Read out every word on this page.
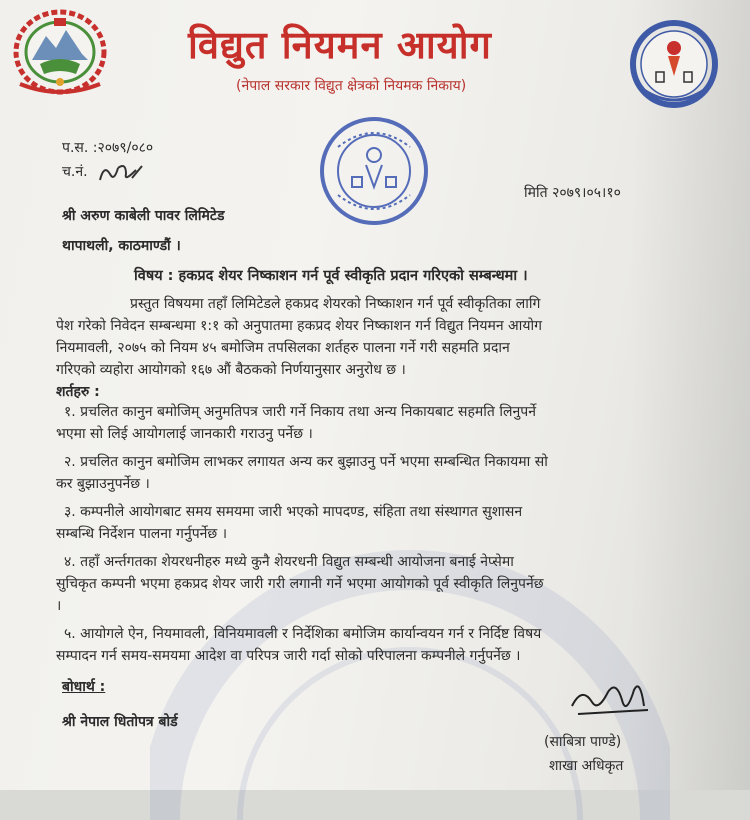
विद्युत नियमन आयोग
(नेपाल सरकार विद्युत क्षेत्रको नियमक निकाय)
प.स. :२०७९/०८०
च.नं.
मिति २०७९।०५।१०
श्री अरुण काबेली पावर लिमिटेड
थापाथली, काठमाण्डौं ।
विषय : हकप्रद शेयर निष्काशन गर्न पूर्व स्वीकृति प्रदान गरिएको सम्बन्धमा ।
प्रस्तुत विषयमा तहाँ लिमिटेडले हकप्रद शेयरको निष्काशन गर्न पूर्व स्वीकृतिका लागि
पेश गरेको निवेदन सम्बन्धमा १:१ को अनुपातमा हकप्रद शेयर निष्काशन गर्न विद्युत नियमन आयोग
नियमावली, २०७५ को नियम ४५ बमोजिम तपसिलका शर्तहरु पालना गर्ने गरी सहमति प्रदान
गरिएको व्यहोरा आयोगको १६७ औं बैठकको निर्णयानुसार अनुरोध छ ।
शर्तहरु :
१. प्रचलित कानुन बमोजिम् अनुमतिपत्र जारी गर्ने निकाय तथा अन्य निकायबाट सहमति लिनुपर्ने
भएमा सो लिई आयोगलाई जानकारी गराउनु पर्नेछ ।
२. प्रचलित कानुन बमोजिम लाभकर लगायत अन्य कर बुझाउनु पर्ने भएमा सम्बन्धित निकायमा सो
कर बुझाउनुपर्नेछ ।
३. कम्पनीले आयोगबाट समय समयमा जारी भएको मापदण्ड, संहिता तथा संस्थागत सुशासन
सम्बन्धि निर्देशन पालना गर्नुपर्नेछ ।
४. तहाँ अर्न्तगतका शेयरधनीहरु मध्ये कुनै शेयरधनी विद्युत सम्बन्धी आयोजना बनाई नेप्सेमा
सुचिकृत कम्पनी भएमा हकप्रद शेयर जारी गरी लगानी गर्ने भएमा आयोगको पूर्व स्वीकृति लिनुपर्नेछ
।
५. आयोगले ऐन, नियमावली, विनियमावली र निर्देशिका बमोजिम कार्यान्वयन गर्न र निर्दिष्ट विषय
सम्पादन गर्न समय-समयमा आदेश वा परिपत्र जारी गर्दा सोको परिपालना कम्पनीले गर्नुपर्नेछ ।
बोधार्थ :
श्री नेपाल धितोपत्र बोर्ड
(साबित्रा पाण्डे)
शाखा अधिकृत
